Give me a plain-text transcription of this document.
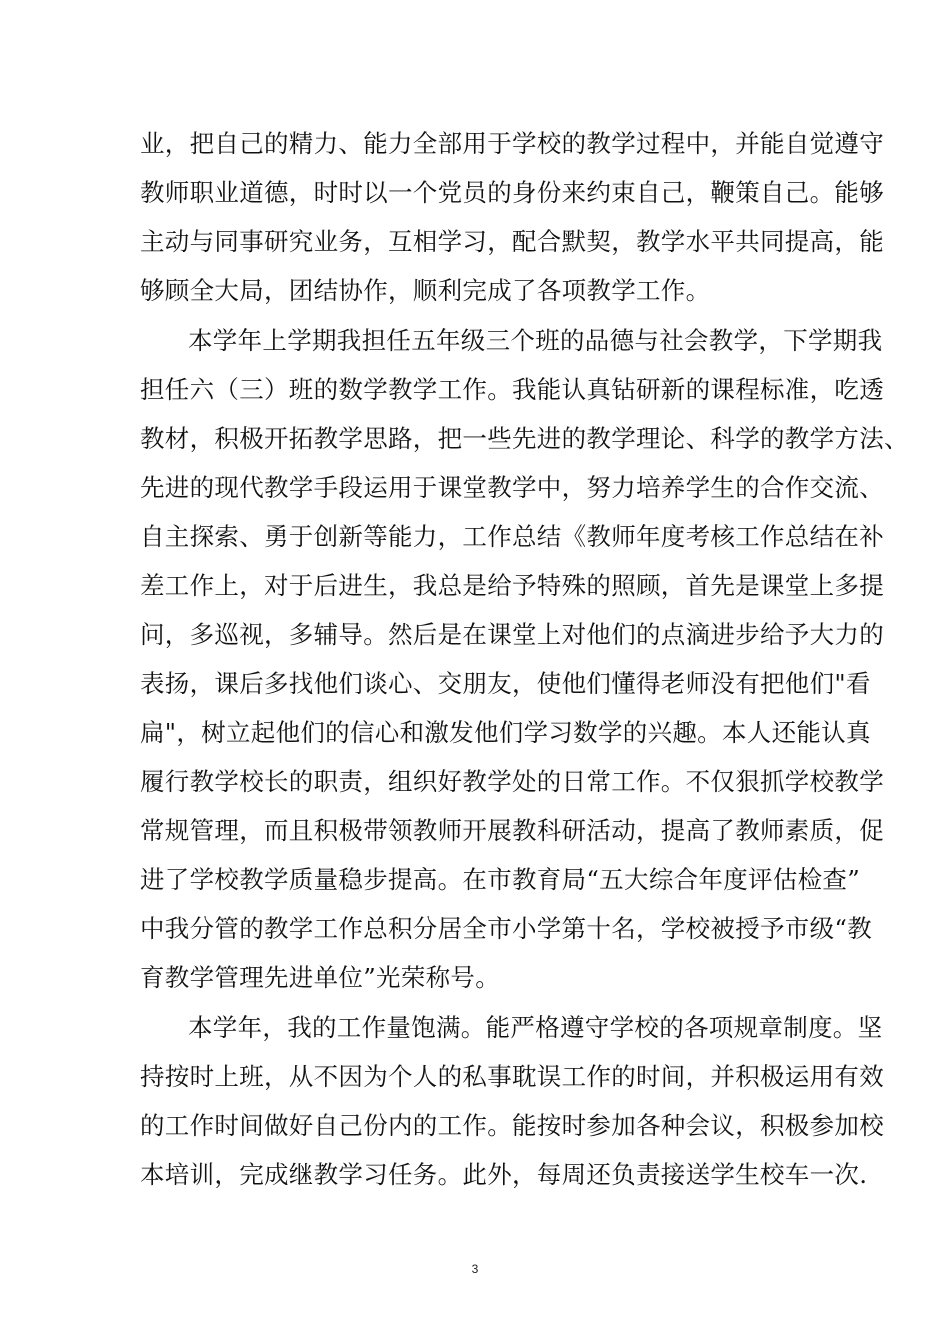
业，把自己的精力、能力全部用于学校的教学过程中，并能自觉遵守
教师职业道德，时时以一个党员的身份来约束自己，鞭策自己。能够
主动与同事研究业务，互相学习，配合默契，教学水平共同提高，能
够顾全大局，团结协作，顺利完成了各项教学工作。
本学年上学期我担任五年级三个班的品德与社会教学，下学期我
担任六（三）班的数学教学工作。我能认真钻研新的课程标准，吃透
教材，积极开拓教学思路，把一些先进的教学理论、科学的教学方法、
先进的现代教学手段运用于课堂教学中，努力培养学生的合作交流、
自主探索、勇于创新等能力，工作总结《教师年度考核工作总结在补
差工作上，对于后进生，我总是给予特殊的照顾，首先是课堂上多提
问，多巡视，多辅导。然后是在课堂上对他们的点滴进步给予大力的
表扬，课后多找他们谈心、交朋友，使他们懂得老师没有把他们"看
扁"，树立起他们的信心和激发他们学习数学的兴趣。本人还能认真
履行教学校长的职责，组织好教学处的日常工作。不仅狠抓学校教学
常规管理，而且积极带领教师开展教科研活动，提高了教师素质，促
进了学校教学质量稳步提高。在市教育局“五大综合年度评估检查”
中我分管的教学工作总积分居全市小学第十名，学校被授予市级“教
育教学管理先进单位”光荣称号。
本学年，我的工作量饱满。能严格遵守学校的各项规章制度。坚
持按时上班，从不因为个人的私事耽误工作的时间，并积极运用有效
的工作时间做好自己份内的工作。能按时参加各种会议，积极参加校
本培训，完成继教学习任务。此外，每周还负责接送学生校车一次.
3
